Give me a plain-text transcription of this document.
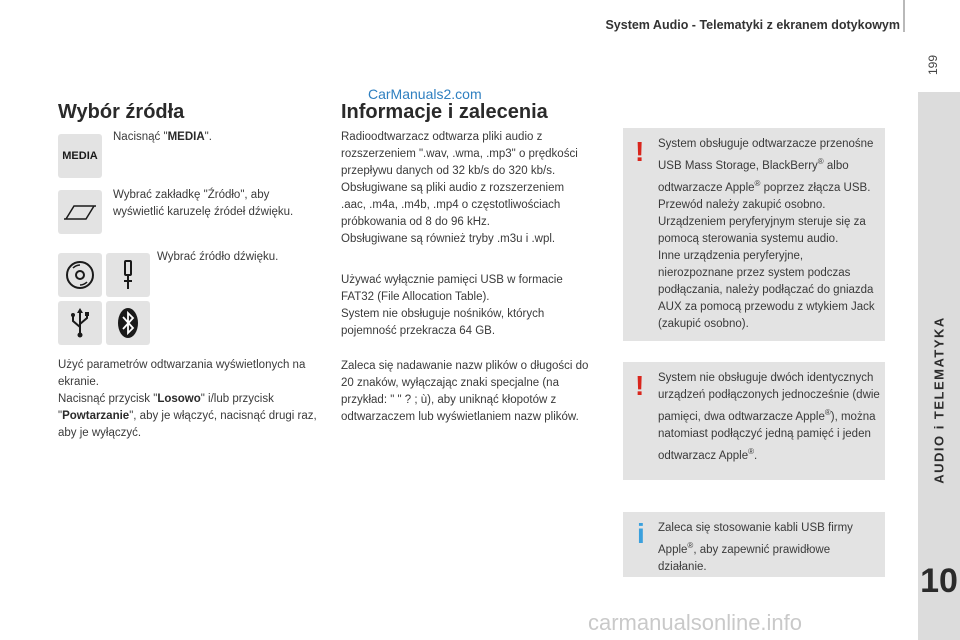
System Audio - Telematyki z ekranem dotykowym
199
AUDIO i TELEMATYKA
10
CarManuals2.com
Wybór źródła
MEDIA
Nacisnąć "MEDIA".
Wybrać zakładkę "Źródło", aby wyświetlić karuzelę źródeł dźwięku.
Wybrać źródło dźwięku.
Użyć parametrów odtwarzania wyświetlonych na ekranie.
Nacisnąć przycisk "Losowo" i/lub przycisk "Powtarzanie", aby je włączyć, nacisnąć drugi raz, aby je wyłączyć.
Informacje i zalecenia
Radioodtwarzacz odtwarza pliki audio z rozszerzeniem ".wav, .wma, .mp3" o prędkości przepływu danych od 32 kb/s do 320 kb/s.
Obsługiwane są pliki audio z rozszerzeniem .aac, .m4a, .m4b, .mp4 o częstotliwościach próbkowania od 8 do 96 kHz.
Obsługiwane są również tryby .m3u i .wpl.
Używać wyłącznie pamięci USB w formacie FAT32 (File Allocation Table).
System nie obsługuje nośników, których pojemność przekracza 64 GB.
Zaleca się nadawanie nazw plików o długości do 20 znaków, wyłączając znaki specjalne (na przykład: " " ? ; ù), aby uniknąć kłopotów z odtwarzaczem lub wyświetlaniem nazw plików.
! System obsługuje odtwarzacze przenośne USB Mass Storage, BlackBerry® albo odtwarzacze Apple® poprzez złącza USB. Przewód należy zakupić osobno.
Urządzeniem peryferyjnym steruje się za pomocą sterowania systemu audio.
Inne urządzenia peryferyjne, nierozpoznane przez system podczas podłączania, należy podłączać do gniazda AUX za pomocą przewodu z wtykiem Jack (zakupić osobno).
! System nie obsługuje dwóch identycznych urządzeń podłączonych jednocześnie (dwie pamięci, dwa odtwarzacze Apple®), można natomiast podłączyć jedną pamięć i jeden odtwarzacz Apple®.
i Zaleca się stosowanie kabli USB firmy Apple®, aby zapewnić prawidłowe działanie.
carmanualsonline.info
